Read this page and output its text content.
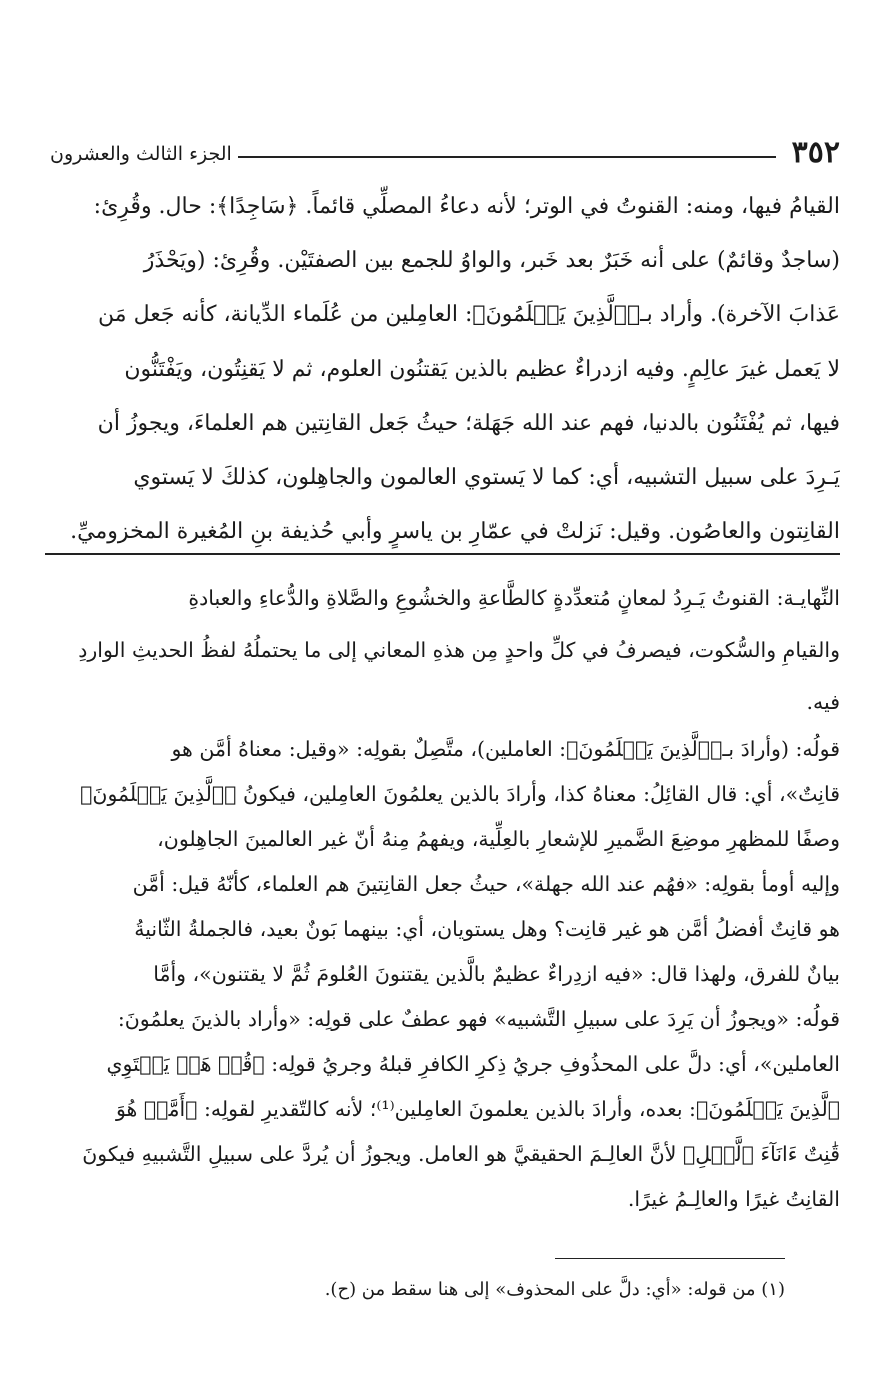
٣٥٢
الجزء الثالث والعشرون
القيامُ فيها، ومنه: القنوتُ في الوتر؛ لأنه دعاءُ المصلِّي قائماً. ﴿سَاجِدًا﴾: حال. وقُرِئ:
(ساجدٌ وقائمٌ) على أنه خَبَرٌ بعد خَبر، والواوُ للجمع بين الصفتَيْن. وقُرِئ: (ويَحْذَرُ
عَذابَ الآخرة). وأراد بـ﴿ٱلَّذِينَ يَعۡلَمُونَ﴾: العامِلين من عُلَماء الدِّيانة، كأنه جَعل مَن
لا يَعمل غيرَ عالِمٍ. وفيه ازدراءٌ عظيم بالذين يَقتنُون العلوم، ثم لا يَقنِتُون، ويَفْتَنُّون
فيها، ثم يُفْتَنُون بالدنيا، فهم عند الله جَهَلة؛ حيثُ جَعل القانِتين هم العلماءَ، ويجوزُ أن
يَـرِدَ على سبيل التشبيه، أي: كما لا يَستوي العالمون والجاهِلون، كذلكَ لا يَستوي
القانِتون والعاصُون. وقيل: نَزلتْ في عمّارِ بن ياسرٍ وأبي حُذيفة بنِ المُغيرة المخزوميِّ.
النِّهايـة: القنوتُ يَـرِدُ لمعانٍ مُتعدِّدةٍ كالطَّاعةِ والخشُوعِ والصَّلاةِ والدُّعاءِ والعبادةِ
والقيامِ والسُّكوت، فيصرفُ في كلِّ واحدٍ مِن هذهِ المعاني إلى ما يحتملُهُ لفظُ الحديثِ الواردِ
فيه.
قولُه: (وأرادَ بـ﴿ٱلَّذِينَ يَعۡلَمُونَ﴾: العاملين)، متَّصِلٌ بقولِه: «وقيل: معناهُ أمَّن هو
قانِتٌ»، أي: قال القائِلُ: معناهُ كذا، وأرادَ بالذين يعلمُونَ العامِلين، فيكونُ ﴿ٱلَّذِينَ يَعۡلَمُونَ﴾
وصفًا للمظهرِ موضِعَ الضَّميرِ للإشعارِ بالعِلِّية، ويفهمُ مِنهُ أنّ غير العالمينَ الجاهِلون،
وإليه أومأ بقولِه: «فهُم عند الله جهلة»، حيثُ جعل القانِتينَ هم العلماء، كأنّهُ قيل: أمَّن
هو قانِتٌ أفضلُ أمَّن هو غير قانِت؟ وهل يستويان، أي: بينهما بَونٌ بعيد، فالجملةُ الثّانيةُ
بيانٌ للفرق، ولهذا قال: «فيه ازدِراءٌ عظيمٌ بالَّذين يقتنونَ العُلومَ ثُمَّ لا يقتنون»، وأمَّا
قولُه: «ويجوزُ أن يَرِدَ على سبيلِ التَّشبيه» فهو عطفٌ على قولِه: «وأراد بالذينَ يعلمُونَ:
العاملين»، أي: دلَّ على المحذُوفِ جريُ ذِكرِ الكافرِ قبلهُ وجريُ قولِه: ﴿قُلۡ هَلۡ يَسۡتَوِي
ٱلَّذِينَ يَعۡلَمُونَ﴾: بعده، وأرادَ بالذين يعلمونَ العامِلين⁽¹⁾؛ لأنه كالتّقديرِ لقولِه: ﴿أَمَّنۡ هُوَ
قَٰنِتٌ ءَانَآءَ ٱلَّيۡلِ﴾ لأنَّ العالِـمَ الحقيقيَّ هو العامل. ويجوزُ أن يُردَّ على سبيلِ التَّشبيهِ فيكونَ
القانِتُ غيرًا والعالِـمُ غيرًا.
(١) من قوله: «أي: دلَّ على المحذوف» إلى هنا سقط من (ح).
